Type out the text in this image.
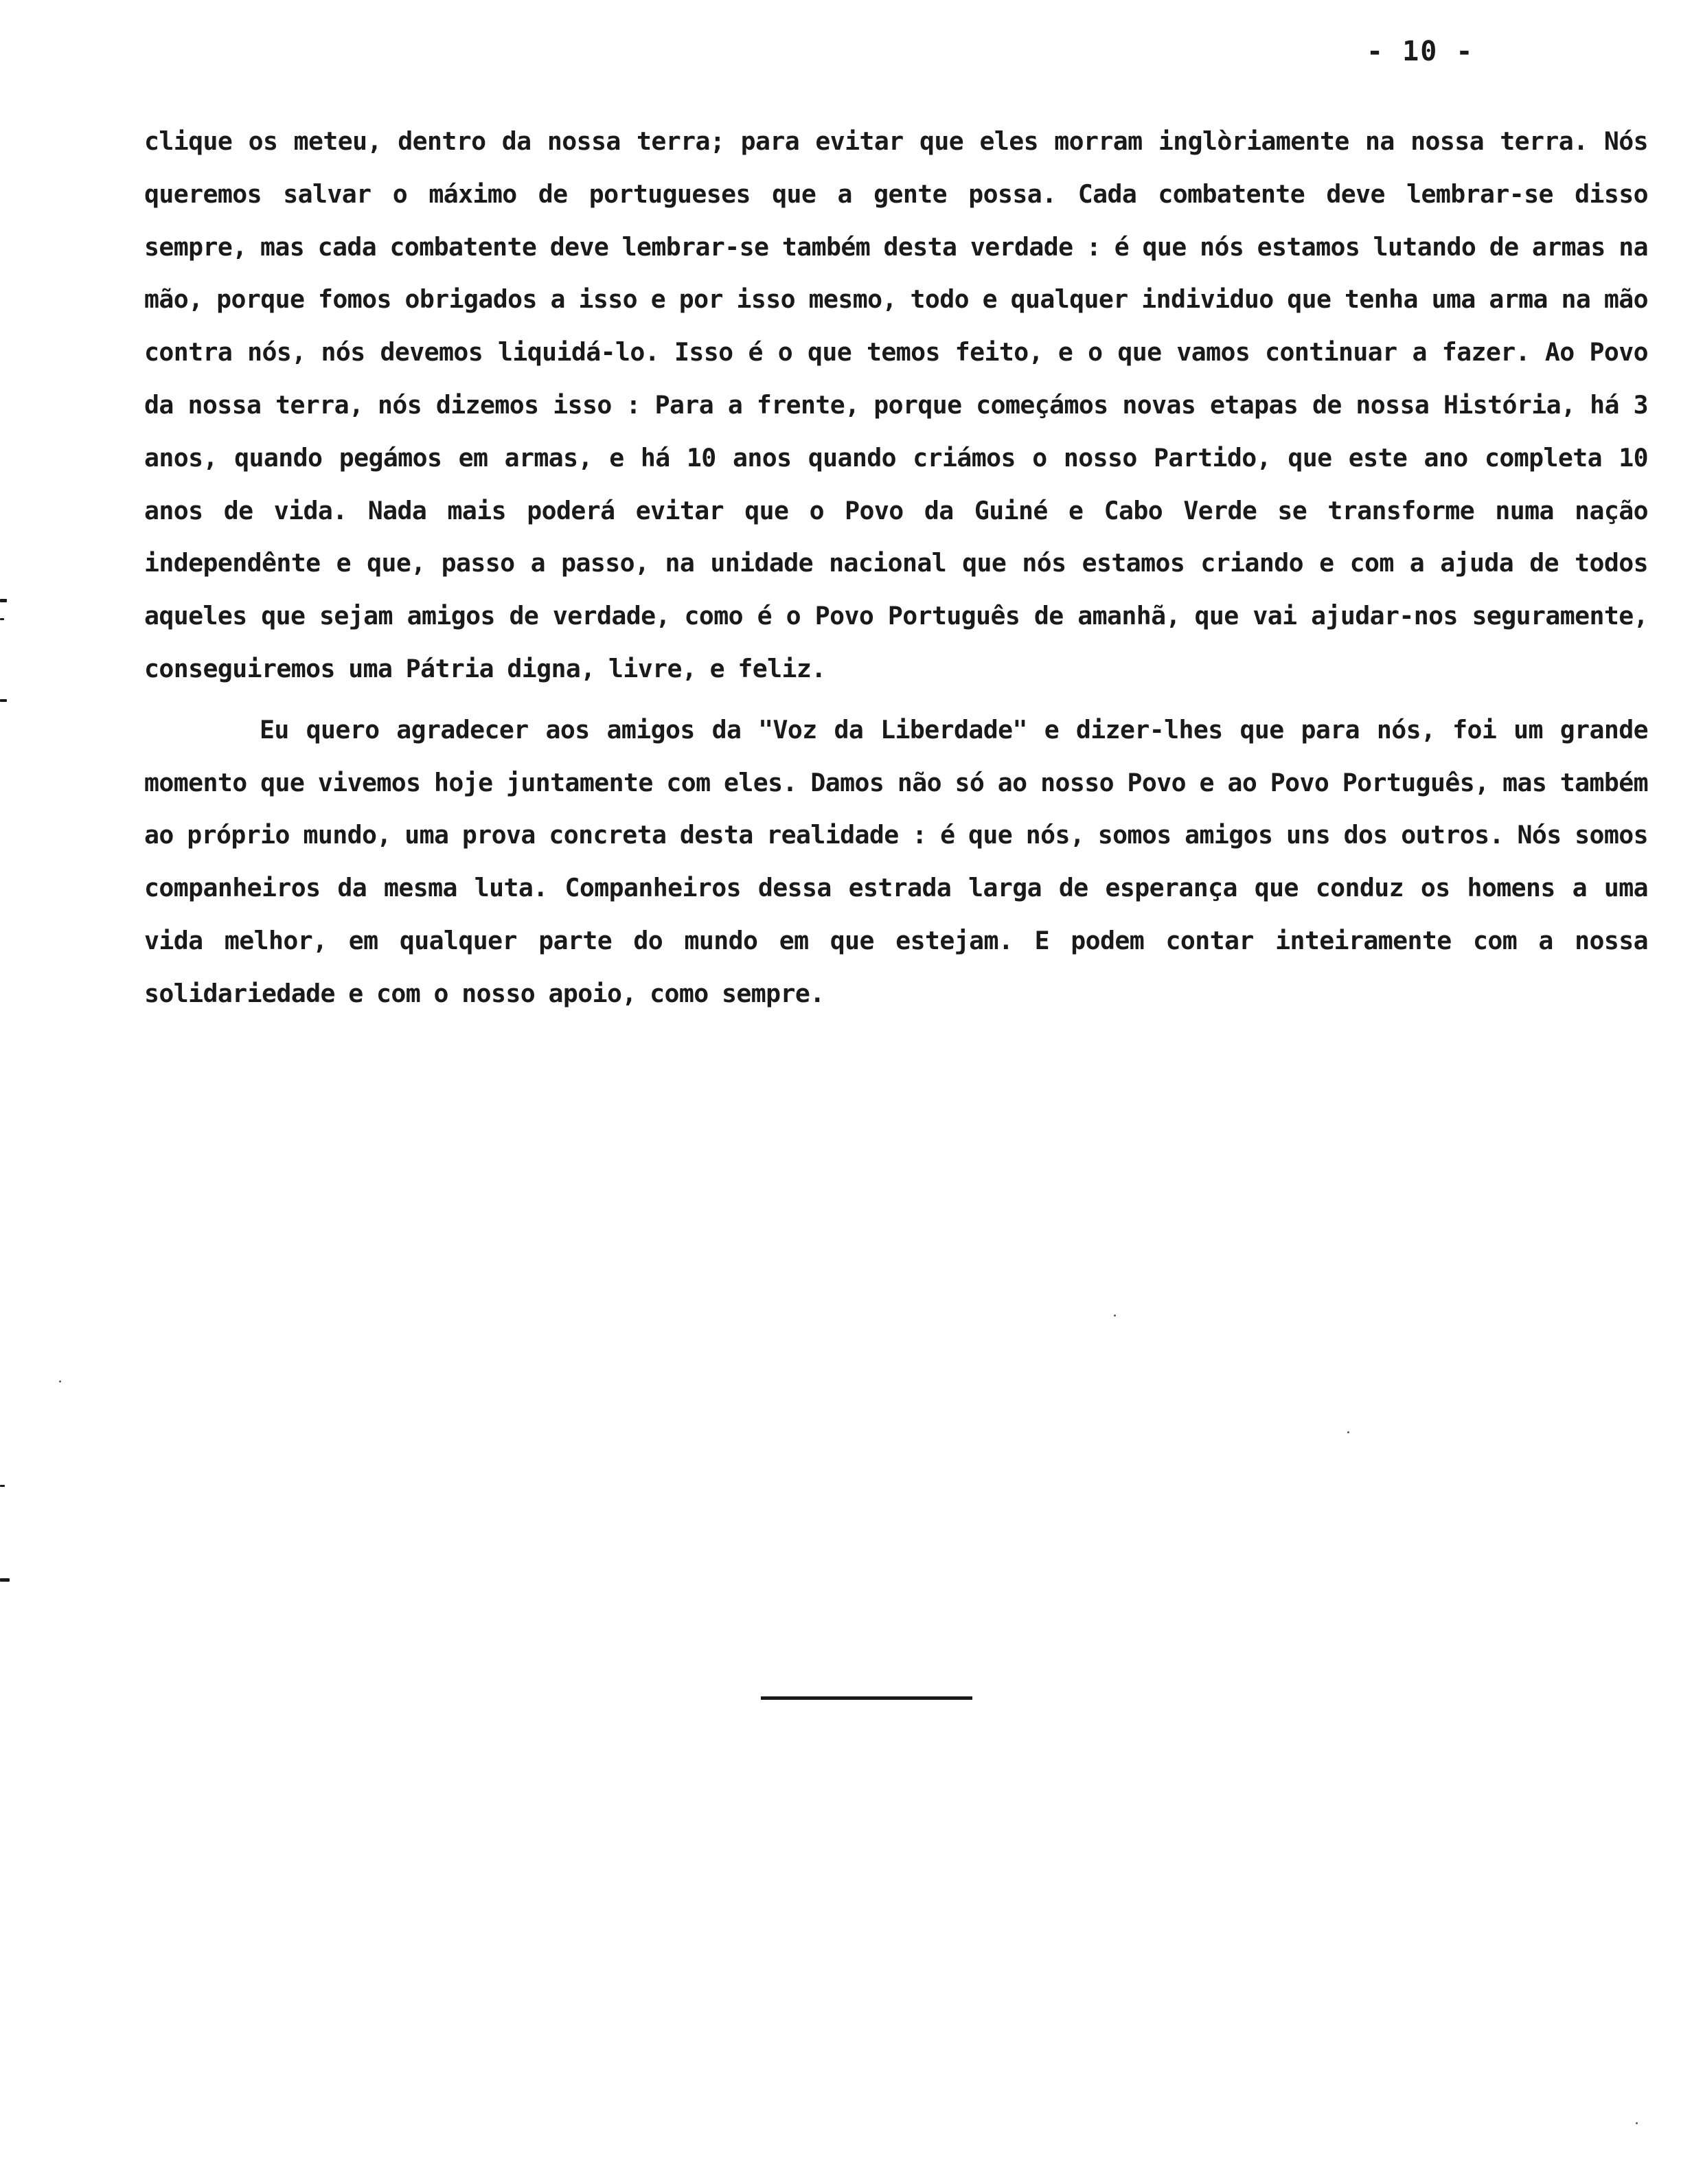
- 10 -

clique os meteu, dentro da nossa terra; para evitar que eles morram inglòriamente na nossa terra. Nós queremos salvar o máximo de portugueses que a gente possa. Cada combatente deve lembrar-se disso sempre, mas cada combatente deve lembrar-se também desta verdade : é que nós estamos lutando de armas na mão, porque fomos obrigados a isso e por isso mesmo, todo e qualquer individuo que tenha uma arma na mão contra nós, nós devemos liquidá-lo. Isso é o que temos feito, e o que vamos continuar a fazer. Ao Povo da nossa terra, nós dizemos isso : Para a frente, porque começámos novas etapas de nossa História, há 3 anos, quando pegámos em armas, e há 10 anos quando criámos o nosso Partido, que este ano completa 10 anos de vida. Nada mais poderá evitar que o Povo da Guiné e Cabo Verde se transforme numa nação independênte e que, passo a passo, na unidade nacional que nós estamos criando e com a ajuda de todos aqueles que sejam amigos de verdade, como é o Povo Português de amanhã, que vai ajudar-nos seguramente, conseguiremos uma Pátria digna, livre, e feliz.

Eu quero agradecer aos amigos da "Voz da Liberdade" e dizer-lhes que para nós, foi um grande momento que vivemos hoje juntamente com eles. Damos não só ao nosso Povo e ao Povo Português, mas também ao próprio mundo, uma prova concreta desta realidade : é que nós, somos amigos uns dos outros. Nós somos companheiros da mesma luta. Companheiros dessa estrada larga de esperança que conduz os homens a uma vida melhor, em qualquer parte do mundo em que estejam. E podem contar inteiramente com a nossa solidariedade e com o nosso apoio, como sempre.
